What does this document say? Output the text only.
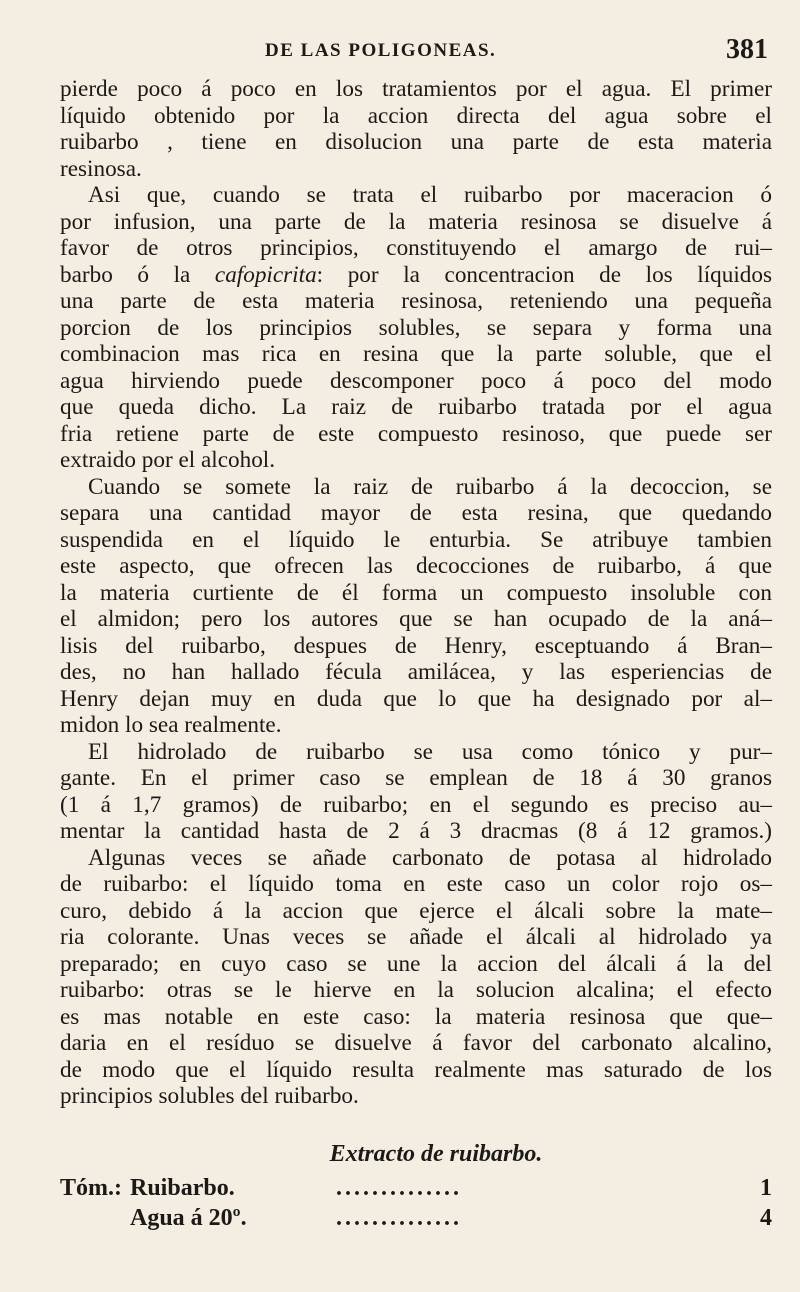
DE LAS POLIGONEAS.	381
pierde poco á poco en los tratamientos por el agua. El primer
líquido obtenido por la accion directa del agua sobre el
ruibarbo , tiene en disolucion una parte de esta materia
resinosa.
Asi que, cuando se trata el ruibarbo por maceracion ó
por infusion, una parte de la materia resinosa se disuelve á
favor de otros principios, constituyendo el amargo de rui–
barbo ó la cafopicrita: por la concentracion de los líquidos
una parte de esta materia resinosa, reteniendo una pequeña
porcion de los principios solubles, se separa y forma una
combinacion mas rica en resina que la parte soluble, que el
agua hirviendo puede descomponer poco á poco del modo
que queda dicho. La raiz de ruibarbo tratada por el agua
fria retiene parte de este compuesto resinoso, que puede ser
extraido por el alcohol.
Cuando se somete la raiz de ruibarbo á la decoccion, se
separa una cantidad mayor de esta resina, que quedando
suspendida en el líquido le enturbia. Se atribuye tambien
este aspecto, que ofrecen las decocciones de ruibarbo, á que
la materia curtiente de él forma un compuesto insoluble con
el almidon; pero los autores que se han ocupado de la aná–
lisis del ruibarbo, despues de Henry, esceptuando á Bran–
des, no han hallado fécula amilácea, y las esperiencias de
Henry dejan muy en duda que lo que ha designado por al–
midon lo sea realmente.
El hidrolado de ruibarbo se usa como tónico y pur–
gante. En el primer caso se emplean de 18 á 30 granos
(1 á 1,7 gramos) de ruibarbo; en el segundo es preciso au–
mentar la cantidad hasta de 2 á 3 dracmas (8 á 12 gramos.)
Algunas veces se añade carbonato de potasa al hidrolado
de ruibarbo: el líquido toma en este caso un color rojo os–
curo, debido á la accion que ejerce el álcali sobre la mate–
ria colorante. Unas veces se añade el álcali al hidrolado ya
preparado; en cuyo caso se une la accion del álcali á la del
ruibarbo: otras se le hierve en la solucion alcalina; el efecto
es mas notable en este caso: la materia resinosa que que–
daria en el resíduo se disuelve á favor del carbonato alcalino,
de modo que el líquido resulta realmente mas saturado de los
principios solubles del ruibarbo.
Extracto de ruibarbo.
Tóm.: Ruibarbo.	..............	1
Agua á 20º.	..............	4
